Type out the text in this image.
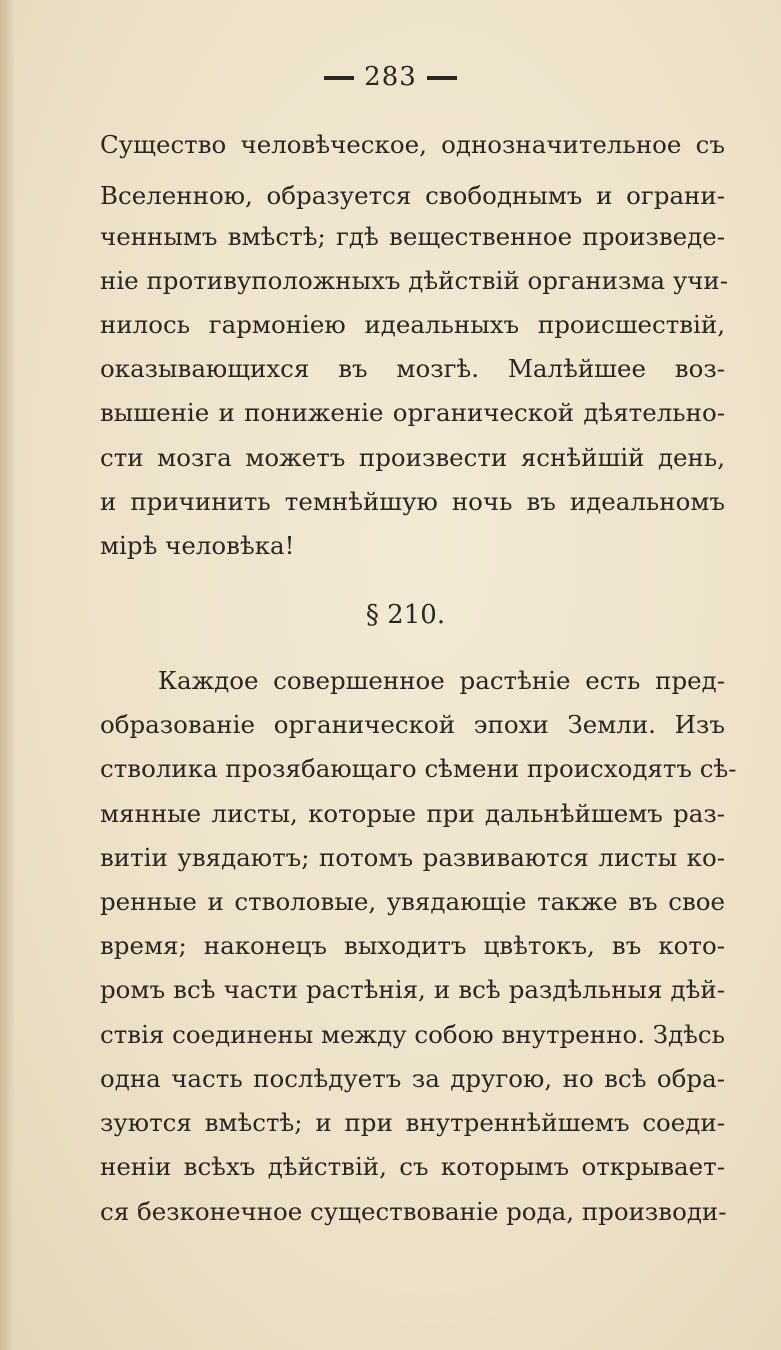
283
Существо человѣческое, однозначительное съ
Вселенною, образуется свободнымъ и ограни-
ченнымъ вмѣстѣ; гдѣ вещественное произведе-
ніе противуположныхъ дѣйствій организма учи-
нилось гармоніею идеальныхъ происшествій,
оказывающихся въ мозгѣ. Малѣйшее воз-
вышеніе и пониженіе органической дѣятельно-
сти мозга можетъ произвести яснѣйшій день,
и причинить темнѣйшую ночь въ идеальномъ
мірѣ человѣка!
§ 210.
Каждое совершенное растѣніе есть пред-
образованіе органической эпохи Земли. Изъ
стволика прозябающаго сѣмени происходятъ сѣ-
мянные листы, которые при дальнѣйшемъ раз-
витіи увядаютъ; потомъ развиваются листы ко-
ренные и стволовые, увядающіе также въ свое
время; наконецъ выходитъ цвѣтокъ, въ кото-
ромъ всѣ части растѣнія, и всѣ раздѣльныя дѣй-
ствія соединены между собою внутренно. Здѣсь
одна часть послѣдуетъ за другою, но всѣ обра-
зуются вмѣстѣ; и при внутреннѣйшемъ соеди-
неніи всѣхъ дѣйствій, съ которымъ открывает-
ся безконечное существованіе рода, производи-
